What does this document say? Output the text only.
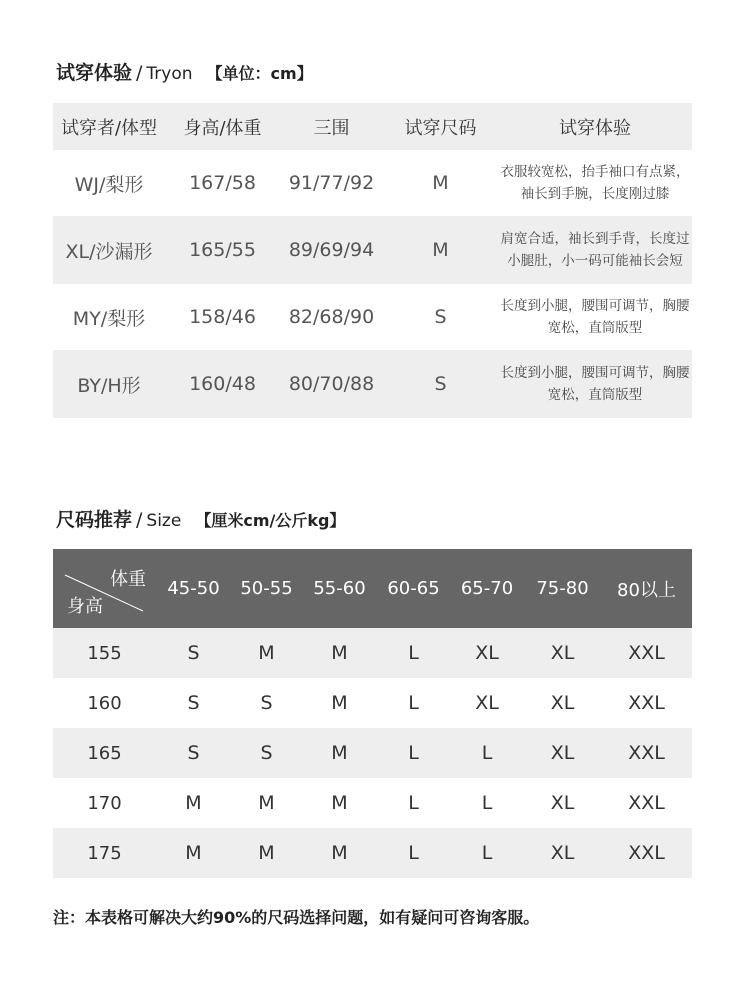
试穿体验 / Tryon 【单位：cm】
试穿者/体型	身高/体重	三围	试穿尺码	试穿体验
WJ/梨形	167/58	91/77/92	M	衣服较宽松，抬手袖口有点紧，
袖长到手腕，长度刚过膝

XL/沙漏形	165/55	89/69/94	M	肩宽合适，袖长到手背，长度过
小腿肚，小一码可能袖长会短

MY/梨形	158/46	82/68/90	S	长度到小腿，腰围可调节，胸腰
宽松，直筒版型

BY/H形	160/48	80/70/88	S	长度到小腿，腰围可调节，胸腰
宽松，直筒版型
尺码推荐 / Size 【厘米cm/公斤kg】
体重
身高	45-50	50-55	55-60	60-65	65-70	75-80	80以上
155	S	M	M	L	XL	XL	XXL
160	S	S	M	L	XL	XL	XXL
165	S	S	M	L	L	XL	XXL
170	M	M	M	L	L	XL	XXL
175	M	M	M	L	L	XL	XXL
注：本表格可解决大约90%的尺码选择问题，如有疑问可咨询客服。
